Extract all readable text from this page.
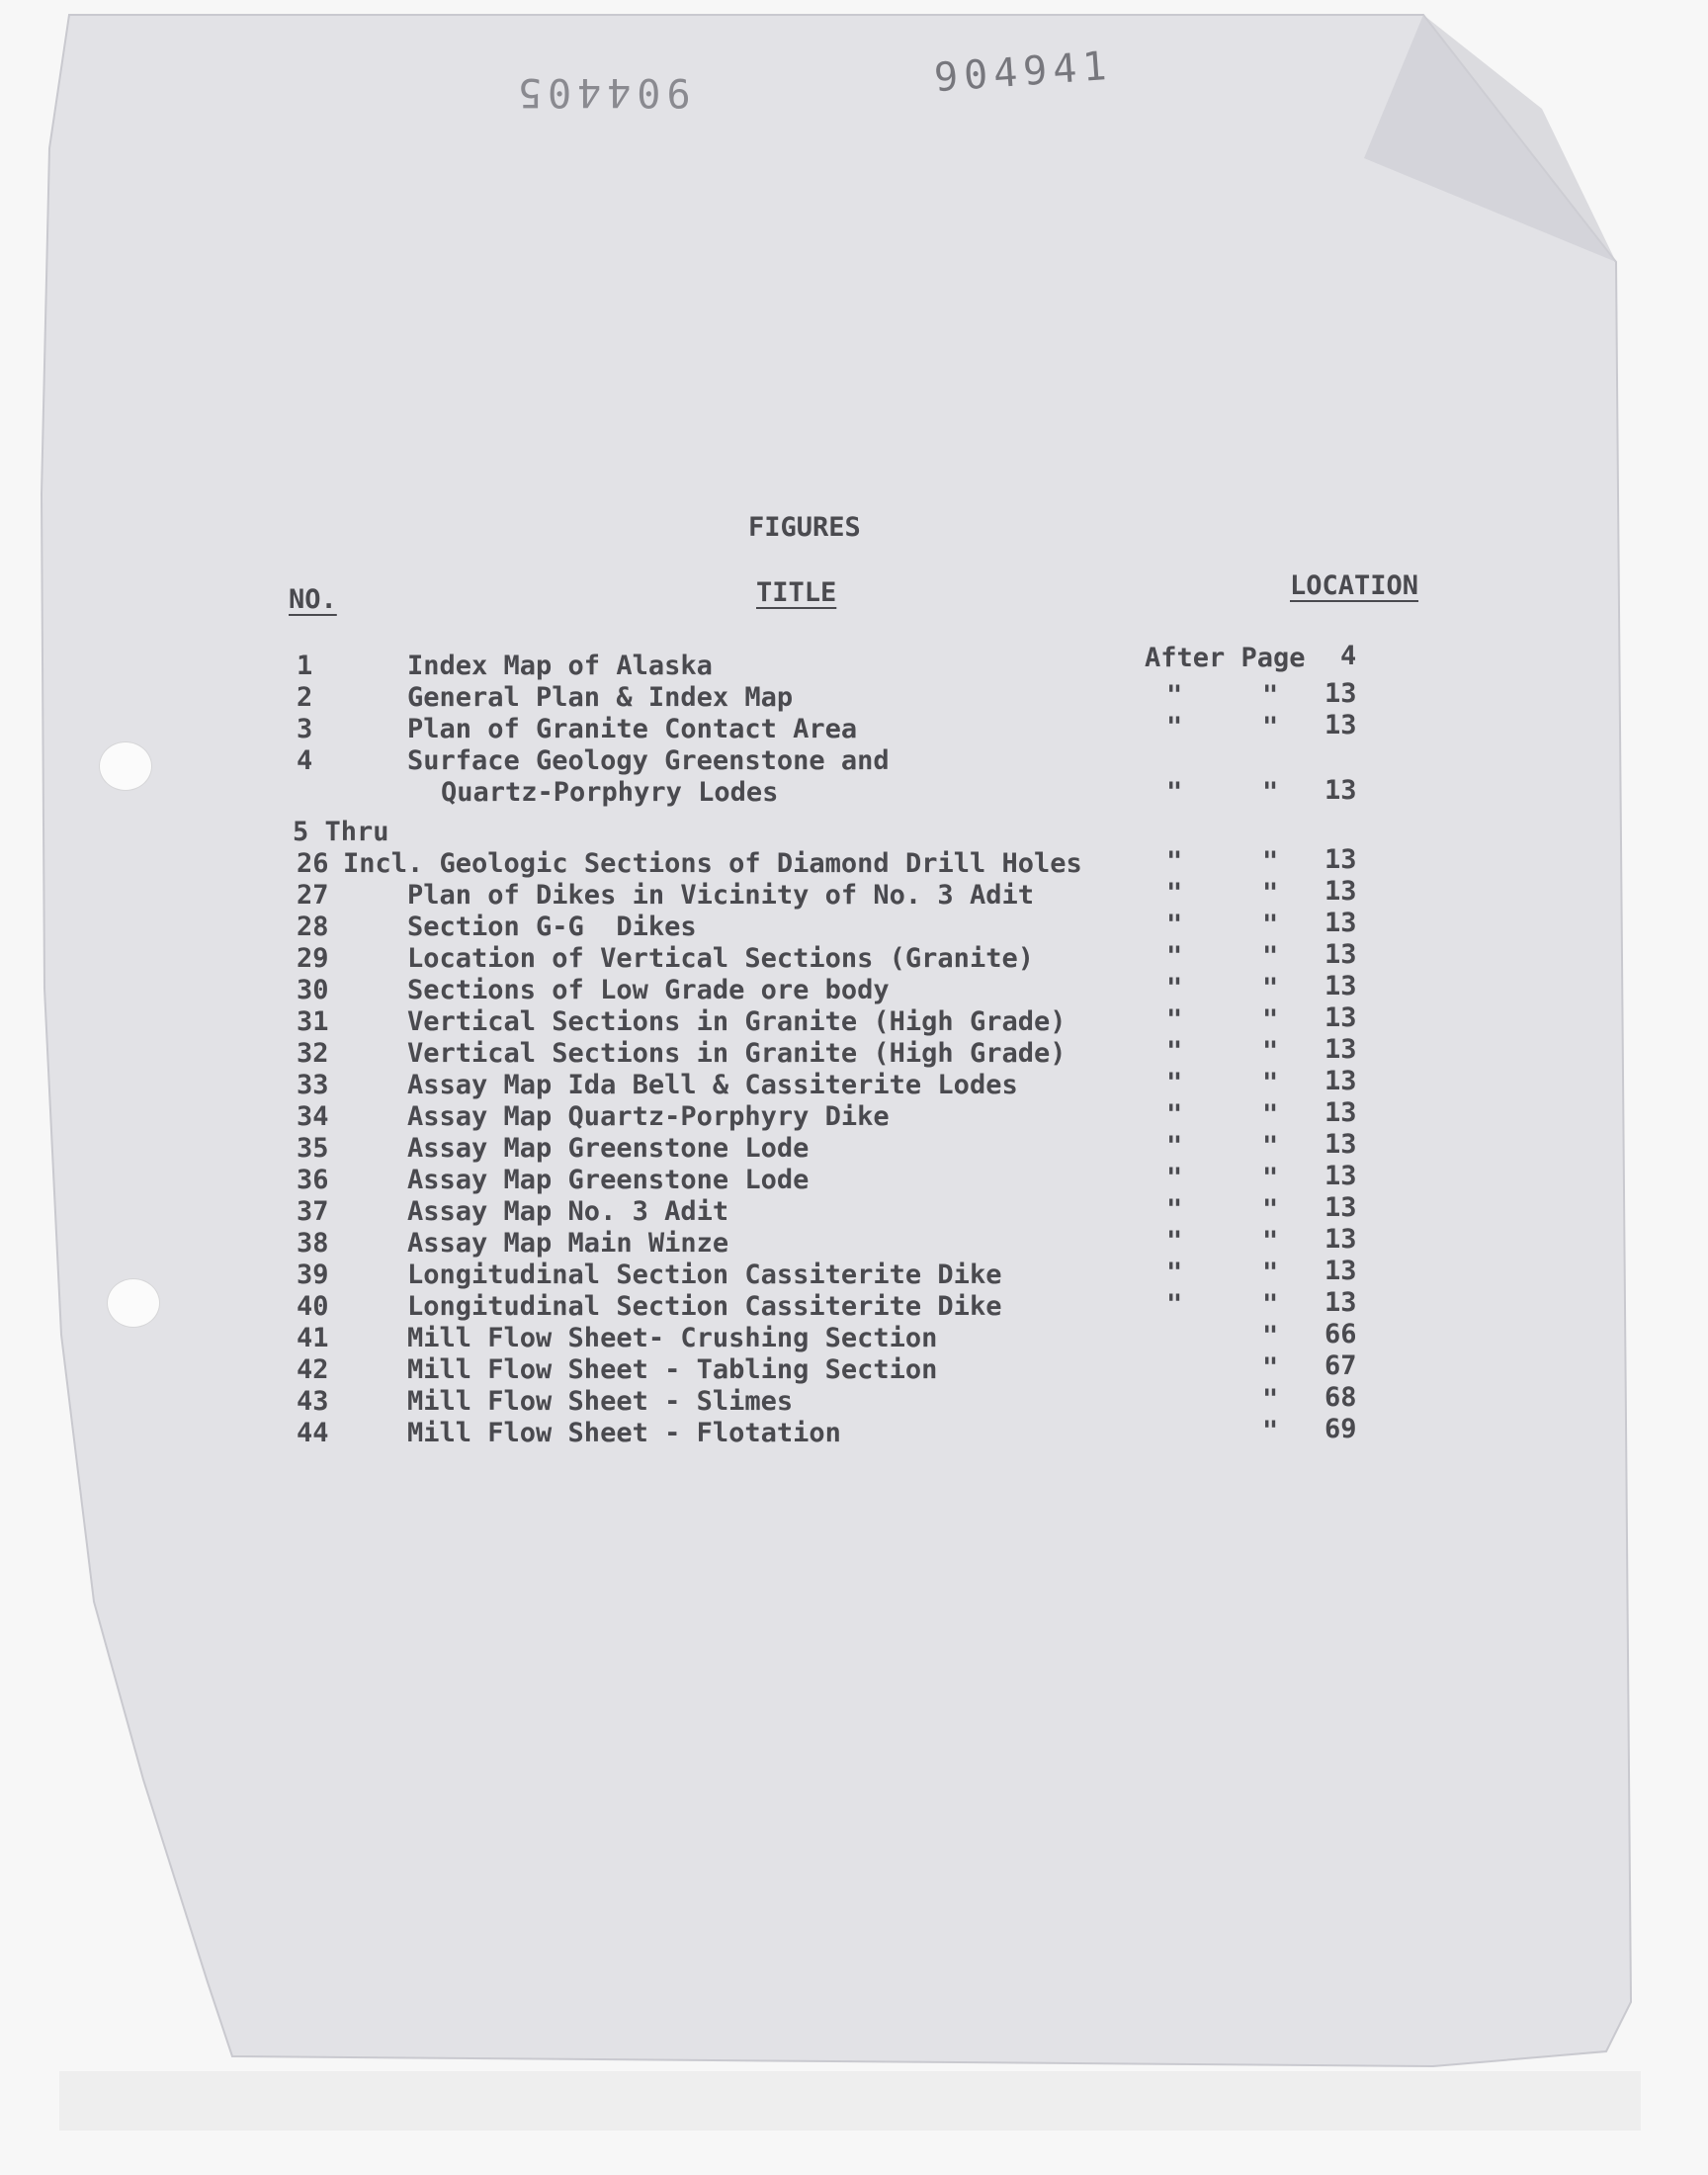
904405	904941
FIGURES
NO.	TITLE	LOCATION
1	Index Map of Alaska	After Page 4
2	General Plan & Index Map	"	" 13
3	Plan of Granite Contact Area	"	" 13
4	Surface Geology Greenstone and
Quartz-Porphyry Lodes	"	" 13
5 Thru
26 Incl. Geologic Sections of Diamond Drill Holes	"	" 13
27	Plan of Dikes in Vicinity of No. 3 Adit	"	" 13
28	Section G-G  Dikes	"	" 13
29	Location of Vertical Sections (Granite)	"	" 13
30	Sections of Low Grade ore body	"	" 13
31	Vertical Sections in Granite (High Grade)	"	" 13
32	Vertical Sections in Granite (High Grade)	"	" 13
33	Assay Map Ida Bell & Cassiterite Lodes	"	" 13
34	Assay Map Quartz-Porphyry Dike	"	" 13
35	Assay Map Greenstone Lode	"	" 13
36	Assay Map Greenstone Lode	"	" 13
37	Assay Map No. 3 Adit	"	" 13
38	Assay Map Main Winze	"	" 13
39	Longitudinal Section Cassiterite Dike	"	" 13
40	Longitudinal Section Cassiterite Dike	"	" 13
41	Mill Flow Sheet- Crushing Section	" 66
42	Mill Flow Sheet - Tabling Section	" 67
43	Mill Flow Sheet - Slimes	" 68
44	Mill Flow Sheet - Flotation	" 69
